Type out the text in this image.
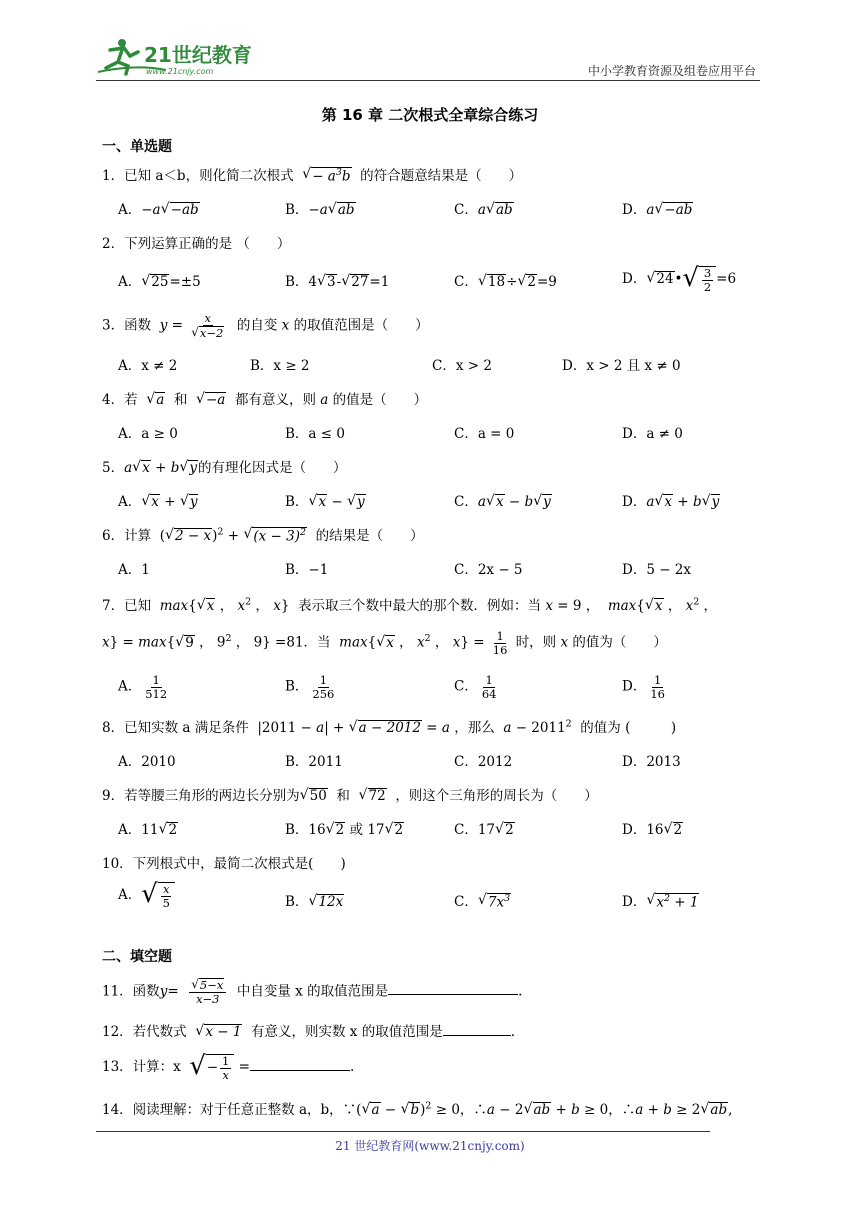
21世纪教育
www.21cnjy.com	中小学教育资源及组卷应用平台
第 16 章 二次根式全章综合练习
一、单选题
1．已知 a＜b，则化简二次根式 √ − $a^3b$ 的符合题意结果是（　　）
A．−a √ −ab	B．−a √ ab	C．a √ ab	D．a √ −ab
2．下列运算正确的是 （　　）
A． √ 25 =±5	B．4 √ 3 - √ 27 =1	C． √ 18 ÷ √ 2 =9	D． √ 24 • √ $\frac{3}{2} =6$
3．函数 $y = \frac{x}{√ x-2}$ 的自变 x 的取值范围是（　　）
A．x ≠ 2	B．x ≥ 2	C．x > 2	D．x > 2 且 x ≠ 0
4．若 √ a 和 √ −a 都有意义，则 a 的值是（　　）
A．a ≥ 0	B．a ≤ 0	C．a = 0	D．a ≠ 0
5．a √ x + b √ y 的有理化因式是（　　）
A． √ x + √ y	B． √ x − √ y	C．a √ x − b √ y	D．a √ x + b √ y
6．计算 ( √ 2 − x )$^2$ + √ $(x - 3)^2$ 的结果是（　　）
A．1	B．−1	C．2x − 5	D．5 − 2x
7．已知 max{ √ x ， $x^2$ ， x}  表示取三个数中最大的那个数．例如：当 x = 9 ，  max{ √ x ， $x^2$ ，
x} = max{ √ 9 ， $9^2$ ， 9} =81．当 max{ √ x ， $x^2$ ， $x\} = \frac{1}{16}$ 时，则 x 的值为（　　）
A． $\frac{1}{512}$	B． $\frac{1}{256}$	C． $\frac{1}{64}$	D． $\frac{1}{16}$
8．已知实数 a 满足条件  |2011 − a| + √ a − 2012 = a ，那么 $a - 2011^2$ 的值为 (　　　)
A．2010	B．2011	C．2012	D．2013
9．若等腰三角形的两边长分别为 √ 50 和 √ 72 ，则这个三角形的周长为（　　）
A．11 √ 2	B．16 √ 2 或 17 √ 2	C．17 √ 2	D．16 √ 2
10．下列根式中，最简二次根式是(　　)
A． √ $\frac{x}{5}$	B． √ 12x	C． √ $7x^3$	D． √ $x^2 + 1$
二、填空题
11．函数$y= \frac{√ 5-x}{x-3}$ 中自变量 x 的取值范围是	.
12．若代数式 √ x − 1 有意义，则实数 x 的取值范围是	.
13．计算：x √ − $\frac{1}{x}$ =	.
14．阅读理解：对于任意正整数 a，b，∵( √ a − √ b )$^2$ ≥ 0，∴a − 2 √ ab + b ≥ 0，∴a + b ≥ 2 √ ab ,
21 世纪教育网(www.21cnjy.com)
